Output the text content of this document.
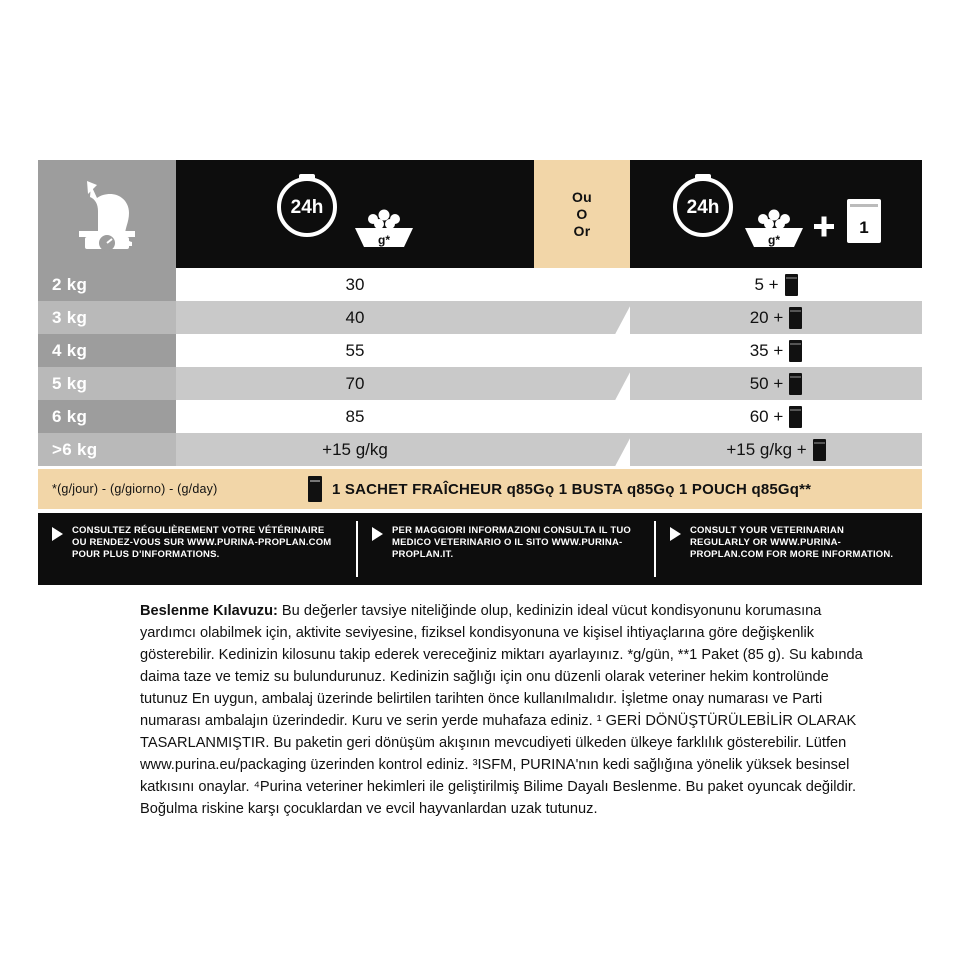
24h
g*

Ou
O
Or

24h
g*
1

2 kg	30		5 +

3 kg	40		20 +

4 kg	55		35 +

5 kg	70		50 +

6 kg	85		60 +

>6 kg	+15 g/kg		+15 g/kg +
*(g/jour) - (g/giorno) - (g/day)	1 SACHET FRAÎCHEUR q85Gǫ 1 BUSTA q85Gǫ 1 POUCH q85Gq**
CONSULTEZ RÉGULIÈREMENT VOTRE VÉTÉRINAIRE OU RENDEZ-VOUS SUR WWW.PURINA-PROPLAN.COM POUR PLUS D'INFORMATIONS.
PER MAGGIORI INFORMAZIONI CONSULTA IL TUO MEDICO VETERINARIO O IL SITO WWW.PURINA-PROPLAN.IT.
CONSULT YOUR VETERINARIAN REGULARLY OR WWW.PURINA-PROPLAN.COM FOR MORE INFORMATION.
Beslenme Kılavuzu: Bu değerler tavsiye niteliğinde olup, kedinizin ideal vücut kondisyonunu korumasına yardımcı olabilmek için, aktivite seviyesine, fiziksel kondisyonuna ve kişisel ihtiyaçlarına göre değişkenlik gösterebilir. Kedinizin kilosunu takip ederek vereceğiniz miktarı ayarlayınız. *g/gün, **1 Paket (85 g). Su kabında daima taze ve temiz su bulundurunuz. Kedinizin sağlığı için onu düzenli olarak veteriner hekim kontrolünde tutunuz En uygun, ambalaj üzerinde belirtilen tarihten önce kullanılmalıdır. İşletme onay numarası ve Parti numarası ambalajın üzerindedir. Kuru ve serin yerde muhafaza ediniz. ¹ GERİ DÖNÜŞTÜRÜLEBİLİR OLARAK TASARLANMIŞTIR. Bu paketin geri dönüşüm akışının mevcudiyeti ülkeden ülkeye farklılık gösterebilir. Lütfen www.purina.eu/packaging üzerinden kontrol ediniz. ³ISFM, PURINA'nın kedi sağlığına yönelik yüksek besinsel katkısını onaylar. ⁴Purina veteriner hekimleri ile geliştirilmiş Bilime Dayalı Beslenme. Bu paket oyuncak değildir. Boğulma riskine karşı çocuklardan ve evcil hayvanlardan uzak tutunuz.
